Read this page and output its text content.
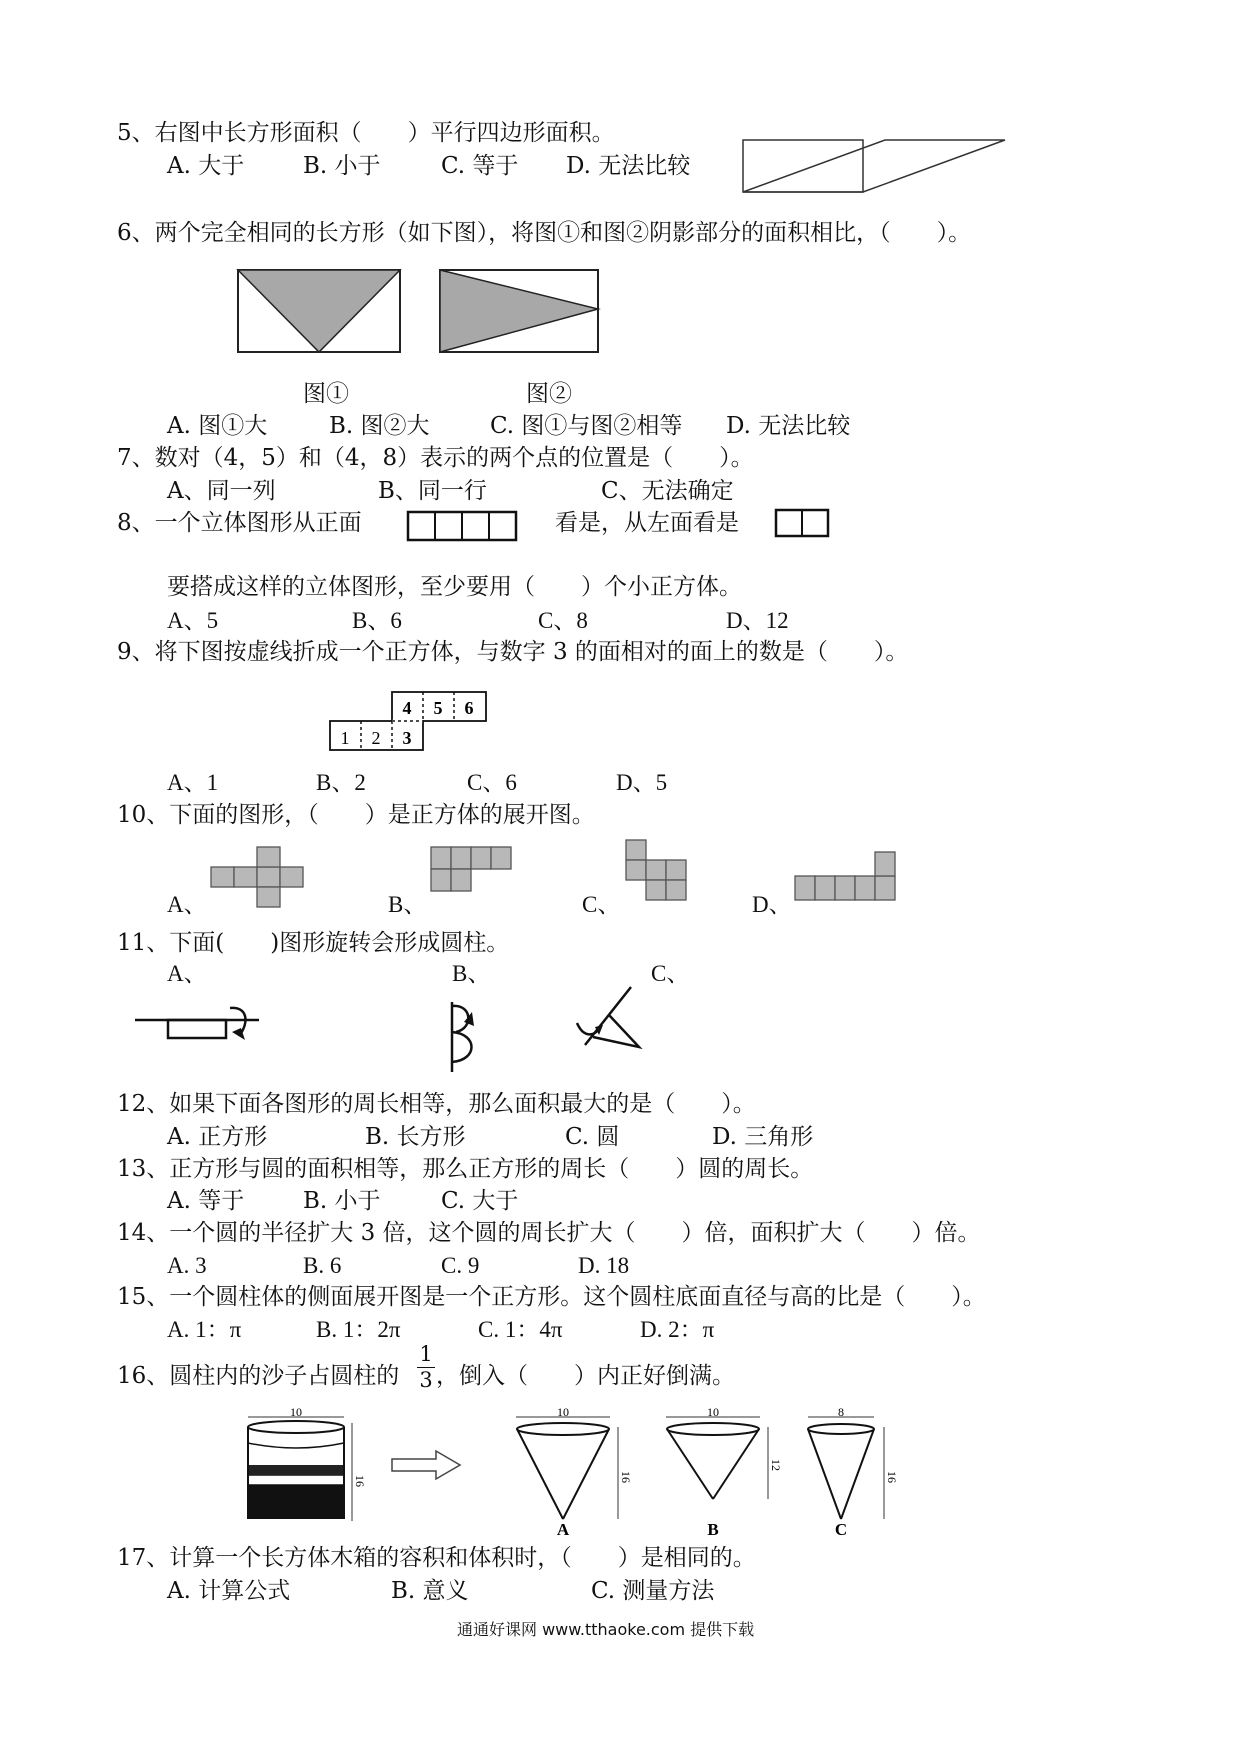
5、右图中长方形面积（　　）平行四边形面积。
A. 大于	B. 小于	C. 等于 D. 无法比较
6、两个完全相同的长方形（如下图），将图①和图②阴影部分的面积相比，（　　）。
图①	图②
A. 图①大	B. 图②大	C. 图①与图②相等 D. 无法比较
7、数对（4，5）和（4，8）表示的两个点的位置是（　　）。
A、同一列	B、同一行	C、无法确定
8、一个立体图形从正面	看是，从左面看是
要搭成这样的立体图形，至少要用（　　）个小正方体。
A、5	B、6	C、8	D、12
9、将下图按虚线折成一个正方体，与数字 3 的面相对的面上的数是（　　）。
1 2 3
4 5 6
A、1	B、2	C、6	D、5
10、下面的图形，（　　）是正方体的展开图。
A、	B、	C、	D、
11、下面(　　)图形旋转会形成圆柱。
A、	B、	C、
12、如果下面各图形的周长相等，那么面积最大的是（　　）。
A. 正方形	B. 长方形	C. 圆	D. 三角形
13、正方形与圆的面积相等，那么正方形的周长（　　）圆的周长。
A. 等于	B. 小于	C. 大于
14、一个圆的半径扩大 3 倍，这个圆的周长扩大（　　）倍，面积扩大（　　）倍。
A. 3	B. 6	C. 9	D. 18
15、一个圆柱体的侧面展开图是一个正方形。这个圆柱底面直径与高的比是（　　）。
A. 1：π	B. 1：2π	C. 1：4π	D. 2：π
16、圆柱内的沙子占圆柱的
1
3 ，倒入（　　）内正好倒满。
10
16
10
16
A
10
12
B
8
16
C
17、计算一个长方体木箱的容积和体积时，（　　）是相同的。
A. 计算公式	B. 意义	C. 测量方法
通通好课网 www.tthaoke.com 提供下载
